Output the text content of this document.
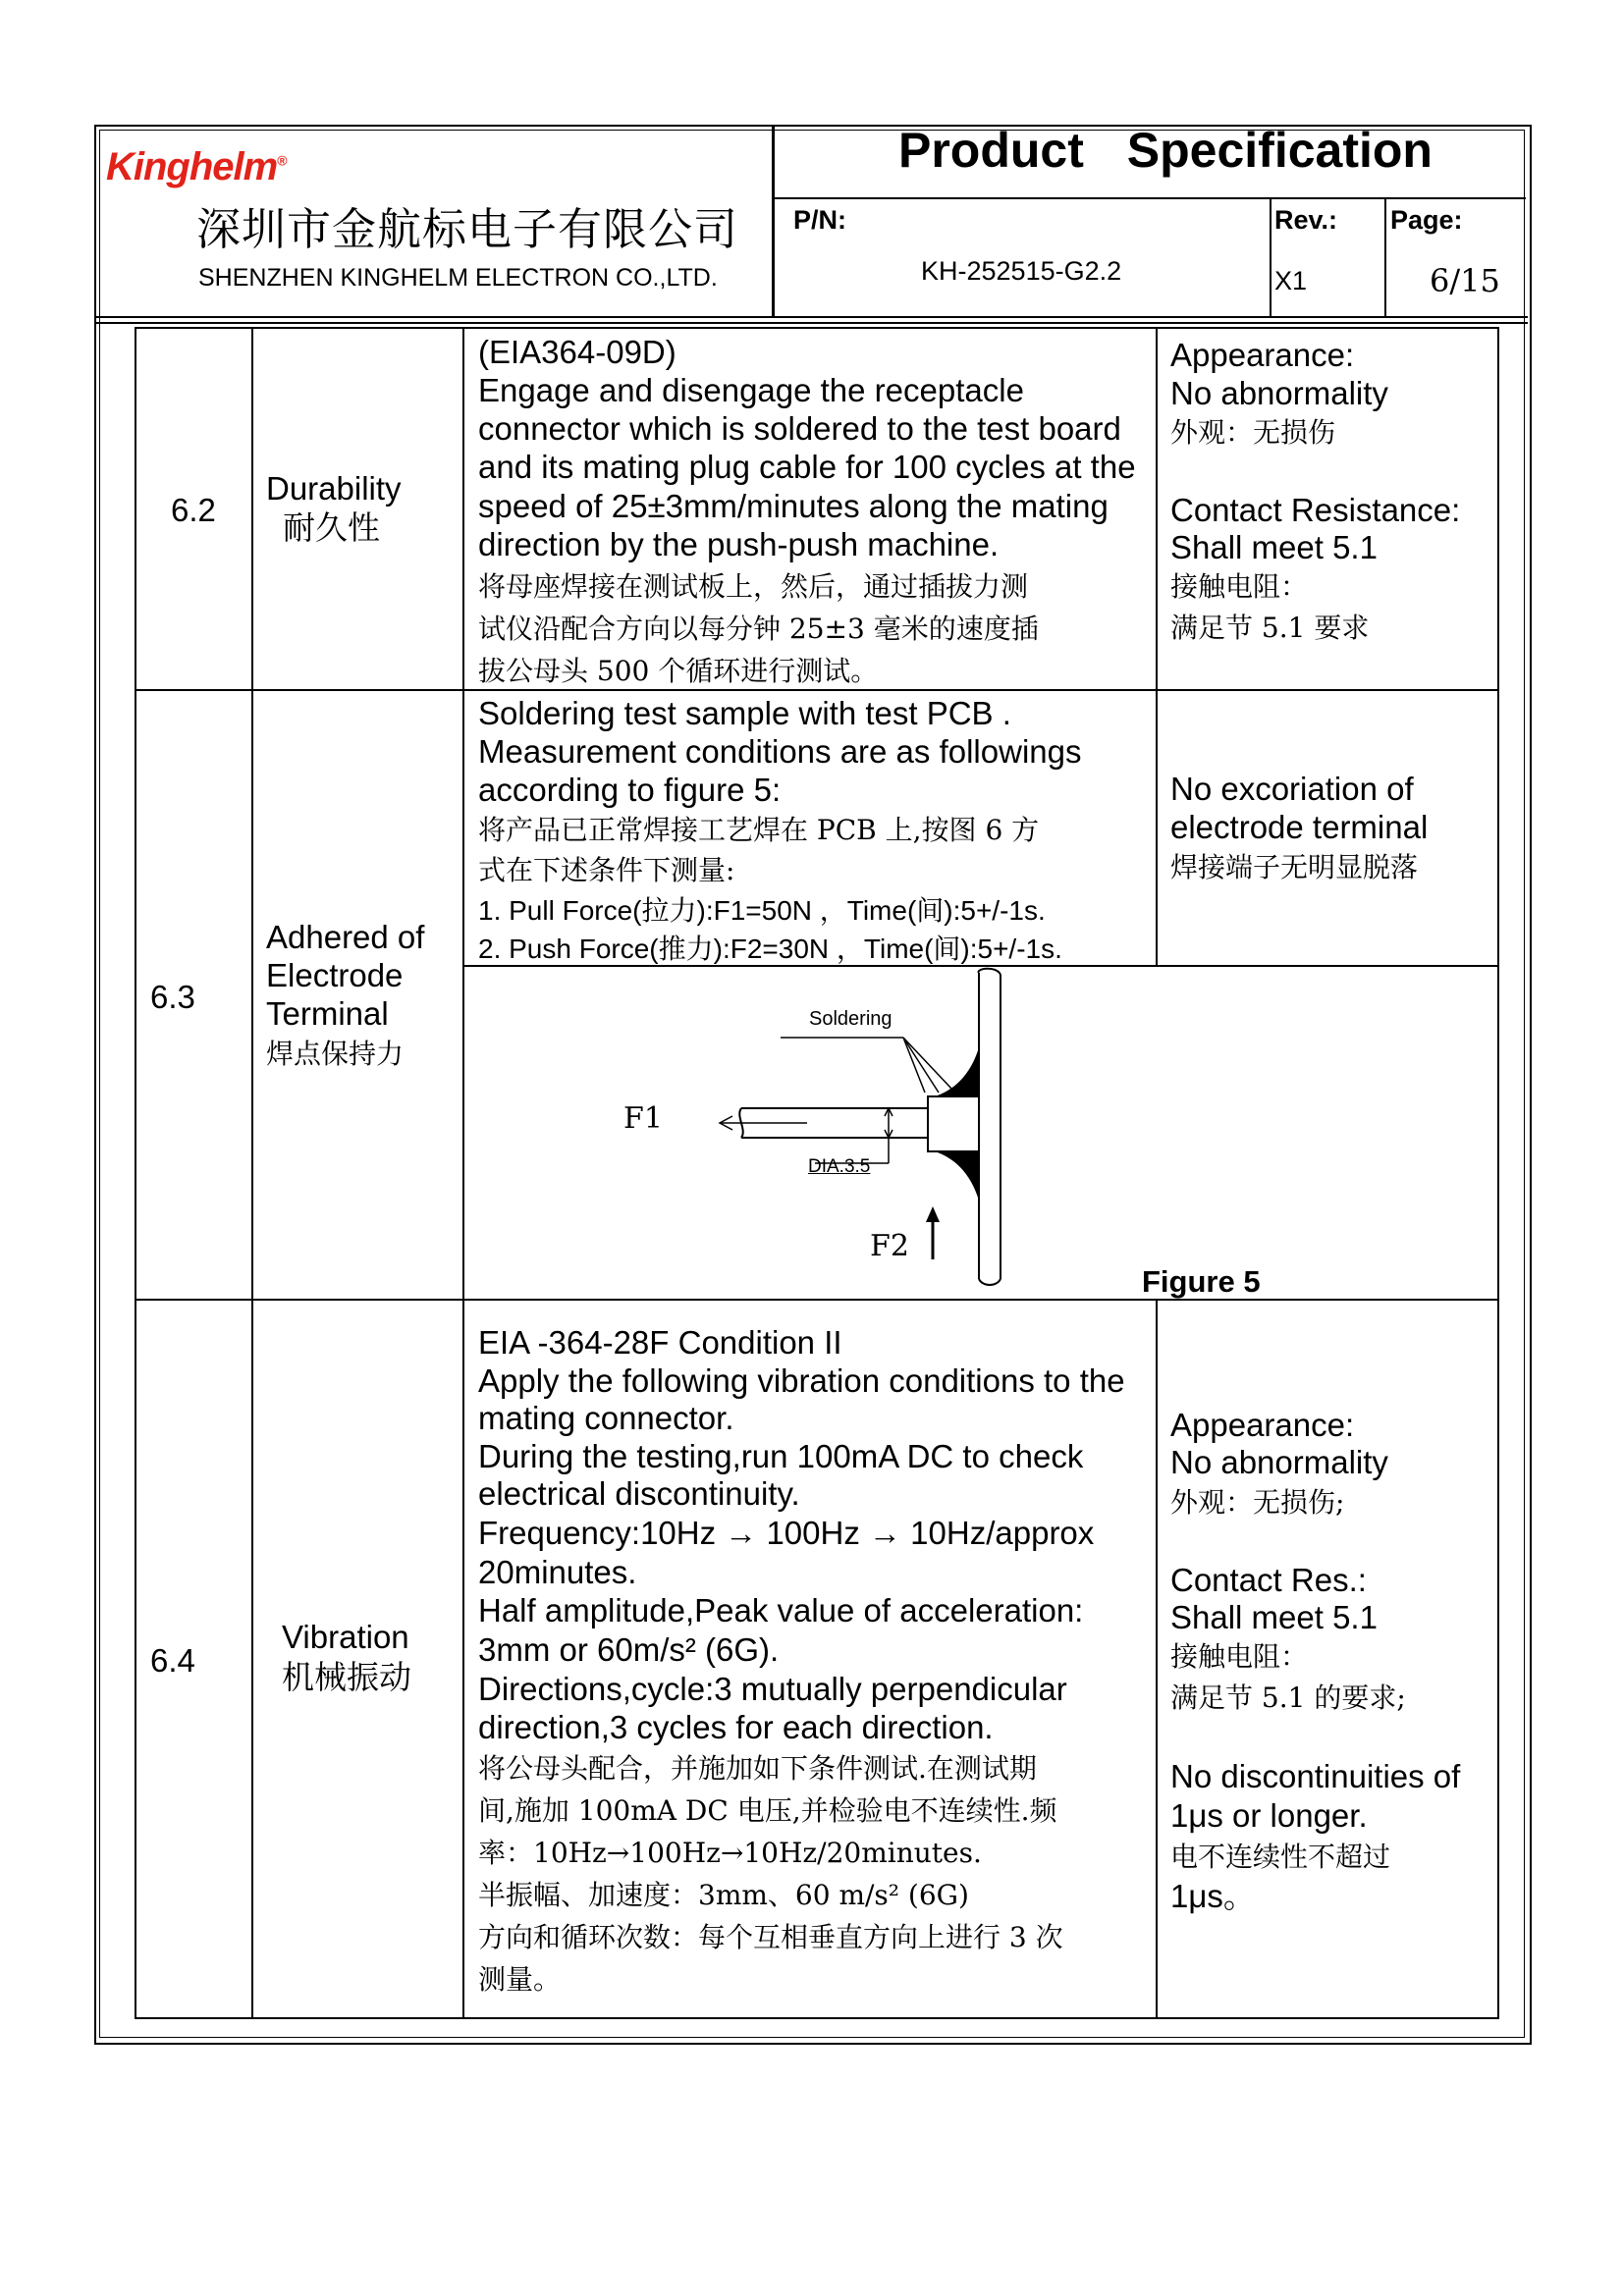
Kinghelm®
深圳市金航标电子有限公司
SHENZHEN KINGHELM ELECTRON CO.,LTD.
Product Specification
P/N:
KH-252515-G2.2
Rev.:
X1
Page:
6/15
6.2
Durability
耐久性
(EIA364-09D)
Engage and disengage the receptacle
connector which is soldered to the test board
and its mating plug cable for 100 cycles at the
speed of 25±3mm/minutes along the mating
direction by the push-push machine.
将母座焊接在测试板上，然后，通过插拔力测
试仪沿配合方向以每分钟 25±3 毫米的速度插
拔公母头 500 个循环进行测试。
Appearance:
No abnormality
外观：无损伤
Contact Resistance:
Shall meet 5.1
接触电阻：
满足节 5.1 要求
6.3
Adhered of
Electrode
Terminal
焊点保持力
Soldering test sample with test PCB .
Measurement conditions are as followings
according to figure 5:
将产品已正常焊接工艺焊在 PCB 上,按图 6 方
式在下述条件下测量:
1. Pull Force(拉力):F1=50N ，Time(间):5+/-1s.
2. Push Force(推力):F2=30N ，Time(间):5+/-1s.
No excoriation of
electrode terminal
焊接端子无明显脱落
Soldering
F1
DIA.3.5
F2
Figure 5
6.4
Vibration
机械振动
EIA -364-28F Condition II
Apply the following vibration conditions to the
mating connector.
During the testing,run 100mA DC to check
electrical discontinuity.
Frequency:10Hz → 100Hz → 10Hz/approx
20minutes.
Half amplitude,Peak value of acceleration:
3mm or 60m/s² (6G).
Directions,cycle:3 mutually perpendicular
direction,3 cycles for each direction.
将公母头配合，并施加如下条件测试.在测试期
间,施加 100mA DC 电压,并检验电不连续性.频
率：10Hz→100Hz→10Hz/20minutes.
半振幅、加速度：3mm、60 m/s² (6G)
方向和循环次数：每个互相垂直方向上进行 3 次
测量。
Appearance:
No abnormality
外观：无损伤;
Contact Res.:
Shall meet 5.1
接触电阻：
满足节 5.1 的要求;
No discontinuities of
1μs or longer.
电不连续性不超过
1μs。
